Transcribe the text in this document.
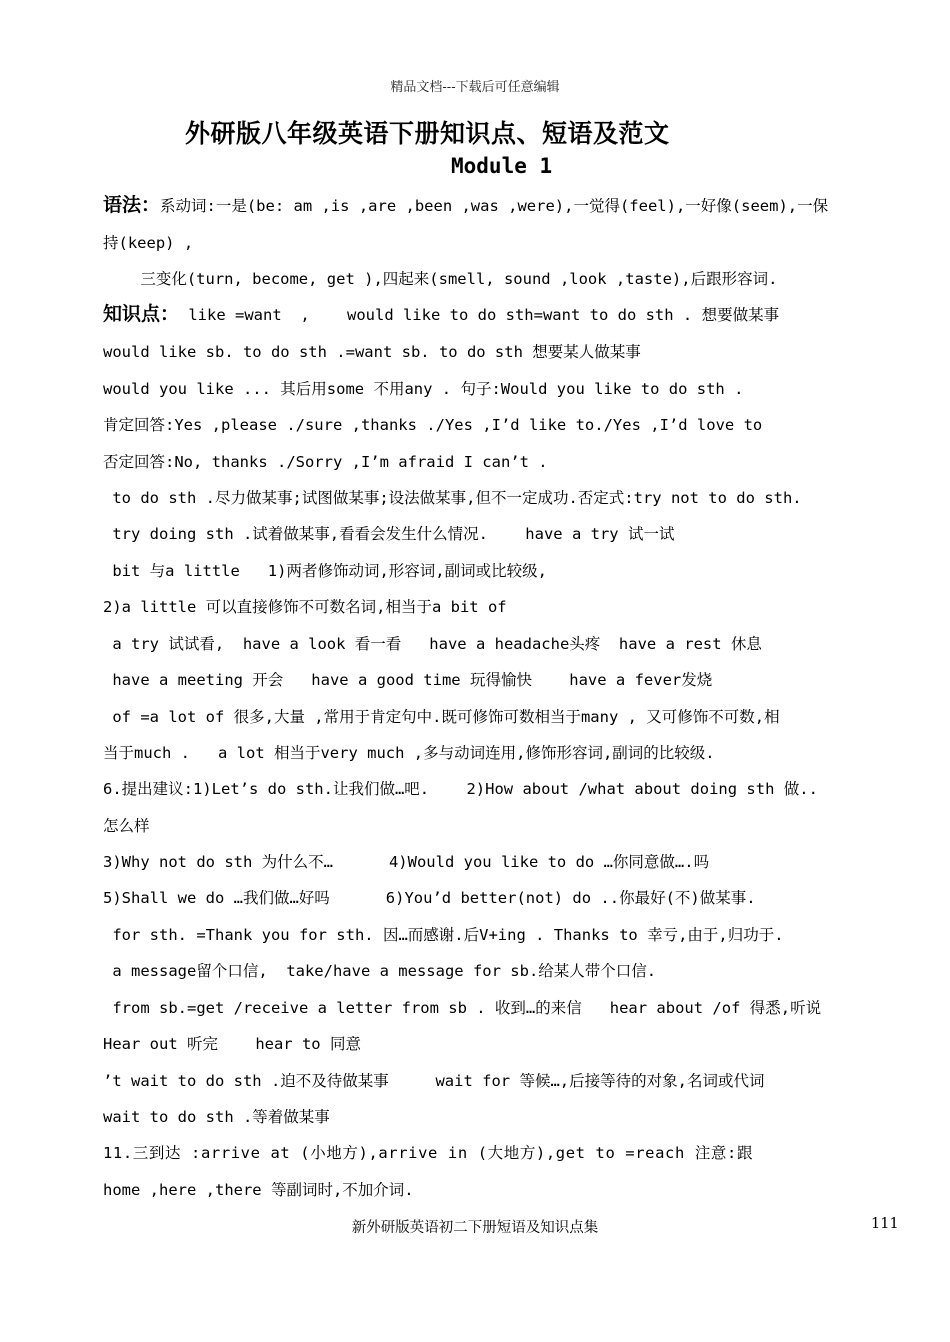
精品文档---下载后可任意编辑
外研版八年级英语下册知识点、短语及范文
Module 1
语法：系动词:一是(be: am ,is ,are ,been ,was ,were),一觉得(feel),一好像(seem),一保
持(keep) ,
三变化(turn, become, get ),四起来(smell, sound ,look ,taste),后跟形容词.
知识点： like =want  ,    would like to do sth=want to do sth . 想要做某事
would like sb. to do sth .=want sb. to do sth 想要某人做某事
would you like ... 其后用some 不用any . 句子:Would you like to do sth .
肯定回答:Yes ,please ./sure ,thanks ./Yes ,I’d like to./Yes ,I’d love to
否定回答:No, thanks ./Sorry ,I’m afraid I can’t .
to do sth .尽力做某事;试图做某事;设法做某事,但不一定成功.否定式:try not to do sth.
try doing sth .试着做某事,看看会发生什么情况.    have a try 试一试
bit 与a little   1)两者修饰动词,形容词,副词或比较级,
2)a little 可以直接修饰不可数名词,相当于a bit of
a try 试试看,  have a look 看一看   have a headache头疼  have a rest 休息
have a meeting 开会   have a good time 玩得愉快    have a fever发烧
of =a lot of 很多,大量 ,常用于肯定句中.既可修饰可数相当于many , 又可修饰不可数,相
当于much .   a lot 相当于very much ,多与动词连用,修饰形容词,副词的比较级.
6.提出建议:1)Let’s do sth.让我们做…吧.    2)How about /what about doing sth 做..
怎么样
3)Why not do sth 为什么不…      4)Would you like to do …你同意做….吗
5)Shall we do …我们做…好吗      6)You’d better(not) do ..你最好(不)做某事.
for sth. =Thank you for sth. 因…而感谢.后V+ing . Thanks to 幸亏,由于,归功于.
a message留个口信,  take/have a message for sb.给某人带个口信.
from sb.=get /receive a letter from sb . 收到…的来信   hear about /of 得悉,听说
Hear out 听完    hear to 同意
’t wait to do sth .迫不及待做某事     wait for 等候…,后接等待的对象,名词或代词
wait to do sth .等着做某事
11.三到达 :arrive at (小地方),arrive in (大地方),get to =reach 注意:跟
home ,here ,there 等副词时,不加介词.
新外研版英语初二下册短语及知识点集	111
